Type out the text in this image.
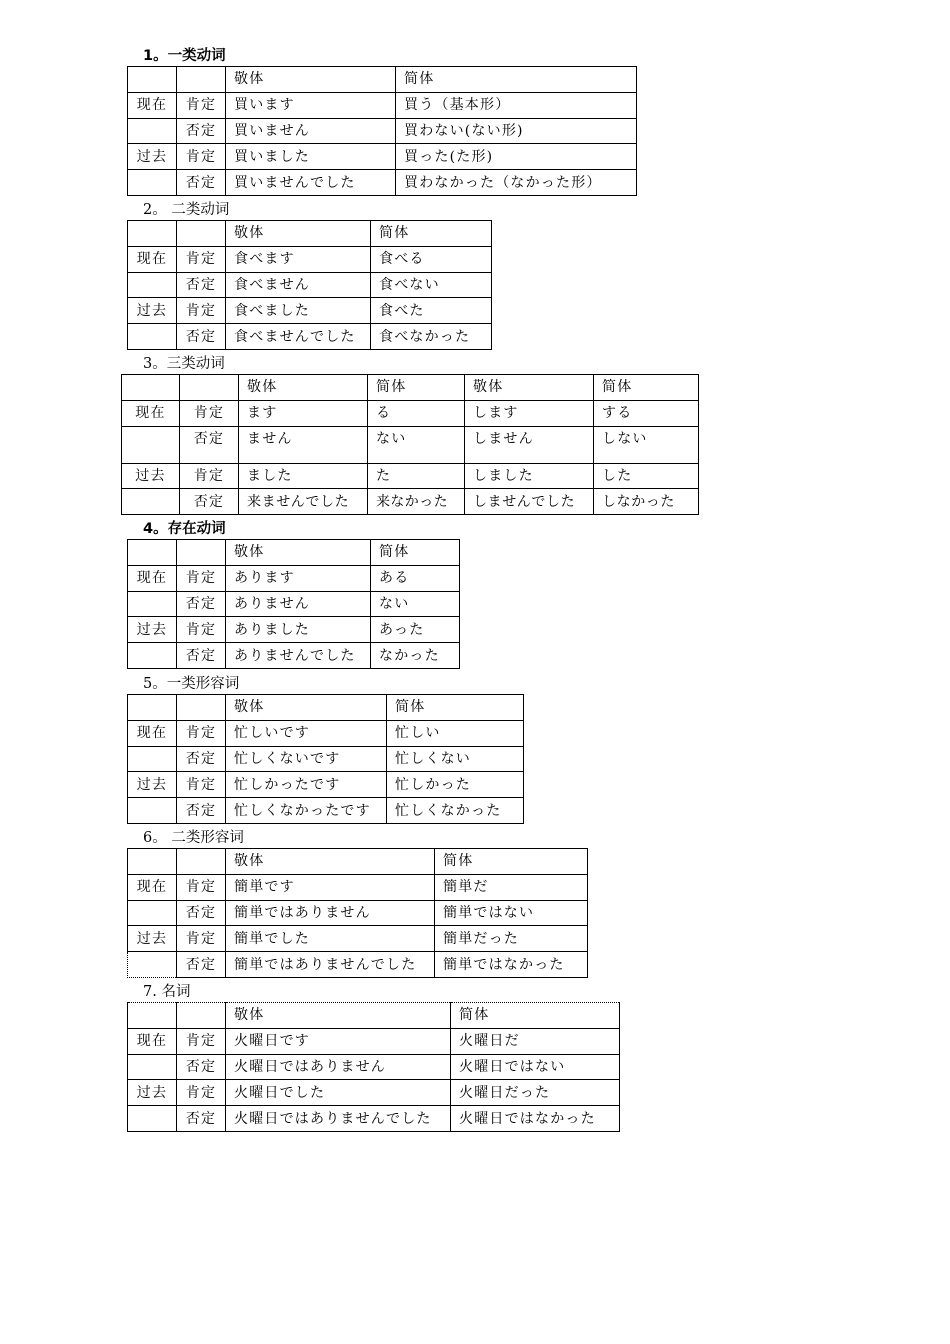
1。一类动词
		敬体	简体
现在	肯定	買います	買う（基本形）
	否定	買いません	買わない(ない形)
过去	肯定	買いました	買った(た形)
	否定	買いませんでした	買わなかった（なかった形）
2。 二类动词
		敬体	简体
现在	肯定	食べます	食べる
	否定	食べません	食べない
过去	肯定	食べました	食べた
	否定	食べませんでした	食べなかった
3。三类动词
		敬体	简体	敬体	简体
现在	肯定	ます	る	します	する
	否定	ません	ない	しません	しない
过去	肯定	ました	た	しました	した
	否定	来ませんでした	来なかった	しませんでした	しなかった
4。存在动词
		敬体	简体
现在	肯定	あります	ある
	否定	ありません	ない
过去	肯定	ありました	あった
	否定	ありませんでした	なかった
5。一类形容词
		敬体	简体
现在	肯定	忙しいです	忙しい
	否定	忙しくないです	忙しくない
过去	肯定	忙しかったです	忙しかった
	否定	忙しくなかったです	忙しくなかった
6。 二类形容词
		敬体	简体
现在	肯定	簡単です	簡単だ
	否定	簡単ではありません	簡単ではない
过去	肯定	簡単でした	簡単だった
	否定	簡単ではありませんでした	簡単ではなかった
7. 名词
		敬体	简体
现在	肯定	火曜日です	火曜日だ
	否定	火曜日ではありません	火曜日ではない
过去	肯定	火曜日でした	火曜日だった
	否定	火曜日ではありませんでした	火曜日ではなかった
